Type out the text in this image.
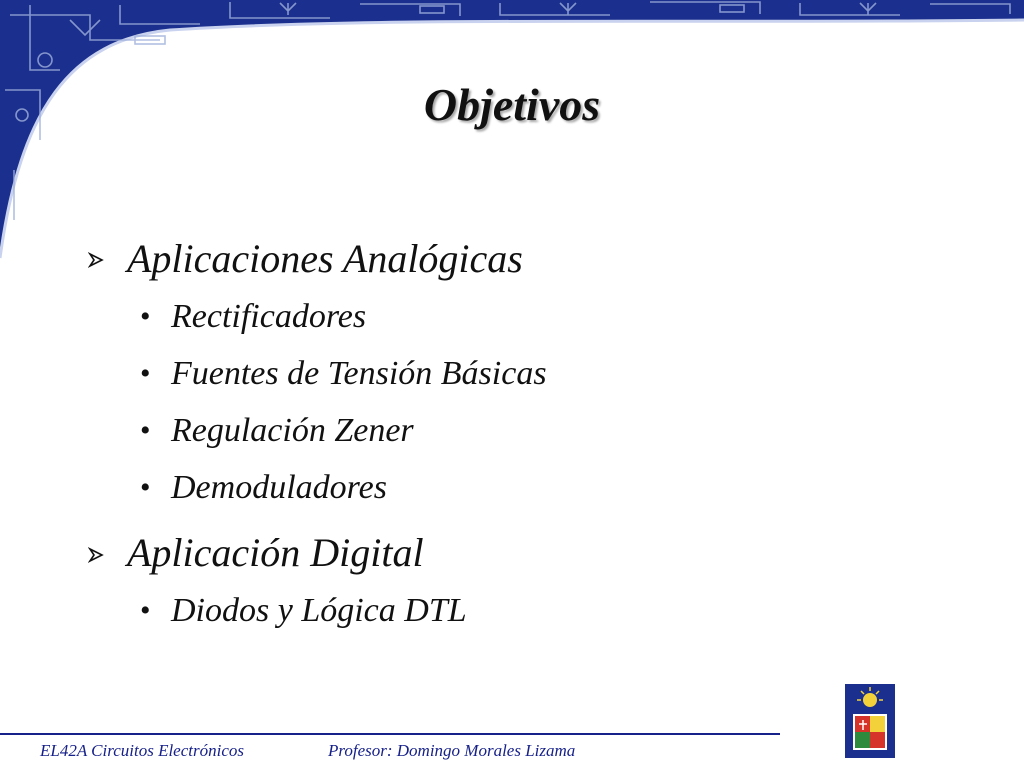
Objetivos
Aplicaciones Analógicas
• Rectificadores
• Fuentes de Tensión Básicas
• Regulación Zener
• Demoduladores
Aplicación Digital
• Diodos y Lógica DTL
EL42A Circuitos Electrónicos	Profesor: Domingo Morales Lizama
